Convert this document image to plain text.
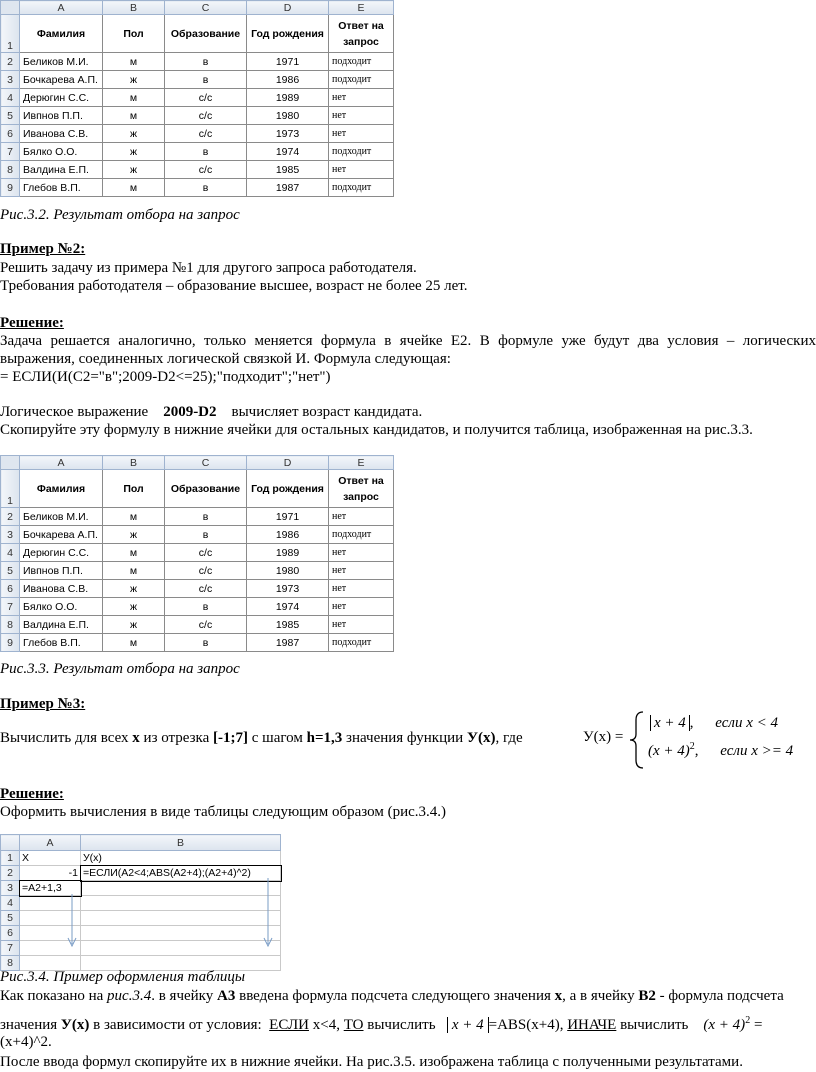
	A	B	C	D	E
1	Фамилия	Пол	Образование	Год рождения	Ответ на запрос
2	Беликов М.И.	м	в	1971	подходит
3	Бочкарева А.П.	ж	в	1986	подходит
4	Дерюгин С.С.	м	с/с	1989	нет
5	Ивпнов П.П.	м	с/с	1980	нет
6	Иванова С.В.	ж	с/с	1973	нет
7	Бялко О.О.	ж	в	1974	подходит
8	Валдина Е.П.	ж	с/с	1985	нет
9	Глебов В.П.	м	в	1987	подходит
Рис.3.2. Результат отбора на запрос
Пример №2:
Решить задачу из примера №1 для другого запроса работодателя.
Требования работодателя – образование высшее, возраст не более 25 лет.
Решение:
Задача решается аналогично, только меняется формула в ячейке Е2. В формуле уже будут два условия – логических выражения, соединенных логической связкой И. Формула следующая:
= ЕСЛИ(И(С2="в";2009-D2<=25);"подходит";"нет")
Логическое выражение 2009-D2 вычисляет возраст кандидата.
Скопируйте эту формулу в нижние ячейки для остальных кандидатов, и получится таблица, изображенная на рис.3.3.
	A	B	C	D	E
1	Фамилия	Пол	Образование	Год рождения	Ответ на запрос
2	Беликов М.И.	м	в	1971	нет
3	Бочкарева А.П.	ж	в	1986	подходит
4	Дерюгин С.С.	м	с/с	1989	нет
5	Ивпнов П.П.	м	с/с	1980	нет
6	Иванова С.В.	ж	с/с	1973	нет
7	Бялко О.О.	ж	в	1974	нет
8	Валдина Е.П.	ж	с/с	1985	нет
9	Глебов В.П.	м	в	1987	подходит
Рис.3.3. Результат отбора на запрос
Пример №3:
Вычислить для всех x из отрезка [-1;7] с шагом h=1,3 значения функции У(x), где	У(x) =
x + 4 , если x < 4
$(x + 4)^2$, если x >= 4
Решение:
Оформить вычисления в виде таблицы следующим образом (рис.3.4.)
	A	B
1	X	У(x)
2	-1	=ЕСЛИ(A2<4;ABS(A2+4);(A2+4)^2)
3	=A2+1,3	
4		
5		
6		
7		
8		
Рис.3.4. Пример оформления таблицы
Как показано на рис.3.4. в ячейку А3 введена формула подсчета следующего значения х, а в ячейку В2 - формула подсчета
значения У(х) в зависимости от условия:  ЕСЛИ х<4, ТО вычислить   x + 4 =ABS(x+4), ИНАЧЕ вычислить    $(x + 4)^2$ =
(x+4)^2.
После ввода формул скопируйте их в нижние ячейки. На рис.3.5. изображена таблица с полученными результатами.
